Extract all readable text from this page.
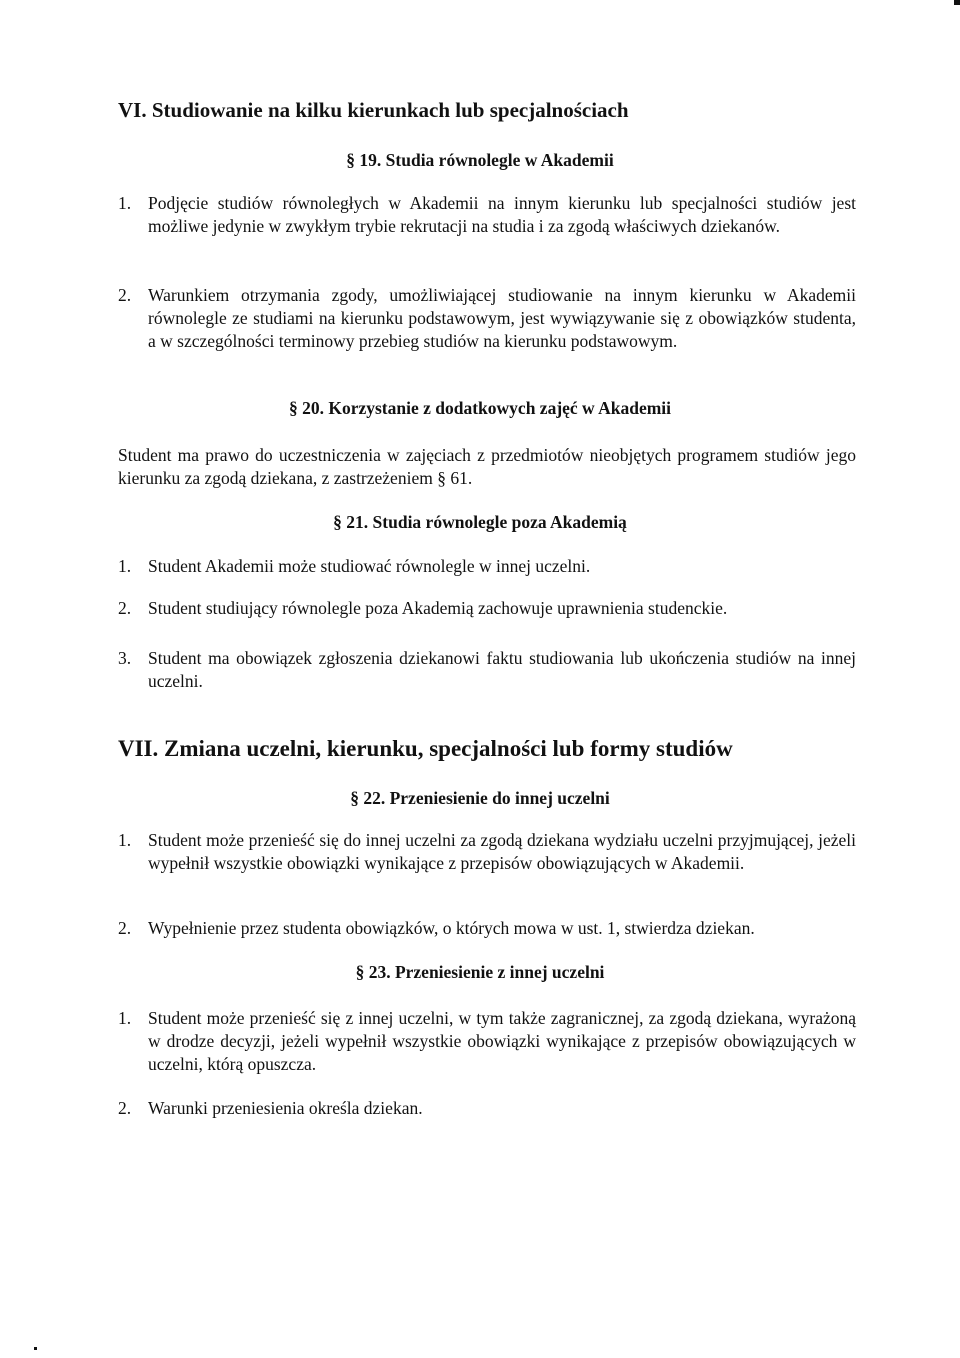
VI. Studiowanie na kilku kierunkach lub specjalnościach
§ 19. Studia równolegle w Akademii
1. Podjęcie studiów równoległych w Akademii na innym kierunku lub specjalności studiów jest możliwe jedynie w zwykłym trybie rekrutacji na studia i za zgodą właściwych dziekanów.

2. Warunkiem otrzymania zgody, umożliwiającej studiowanie na innym kierunku w Akademii równolegle ze studiami na kierunku podstawowym, jest wywiązywanie się z obowiązków studenta, a w szczególności terminowy przebieg studiów na kierunku podstawowym.

§ 20. Korzystanie z dodatkowych zajęć w Akademii

Student ma prawo do uczestniczenia w zajęciach z przedmiotów nieobjętych programem studiów jego kierunku za zgodą dziekana, z zastrzeżeniem § 61.

§ 21. Studia równolegle poza Akademią
1. Student Akademii może studiować równolegle w innej uczelni.

2. Student studiujący równolegle poza Akademią zachowuje uprawnienia studenckie.

3. Student ma obowiązek zgłoszenia dziekanowi faktu studiowania lub ukończenia studiów na innej uczelni.

VII. Zmiana uczelni, kierunku, specjalności lub formy studiów
§ 22. Przeniesienie do innej uczelni
1. Student może przenieść się do innej uczelni za zgodą dziekana wydziału uczelni przyjmującej, jeżeli wypełnił wszystkie obowiązki wynikające z przepisów obowiązujących w Akademii.

2. Wypełnienie przez studenta obowiązków, o których mowa w ust. 1, stwierdza dziekan.

§ 23. Przeniesienie z innej uczelni
1. Student może przenieść się z innej uczelni, w tym także zagranicznej, za zgodą dziekana, wyrażoną w drodze decyzji, jeżeli wypełnił wszystkie obowiązki wynikające z przepisów obowiązujących w uczelni, którą opuszcza.

2. Warunki przeniesienia określa dziekan.
